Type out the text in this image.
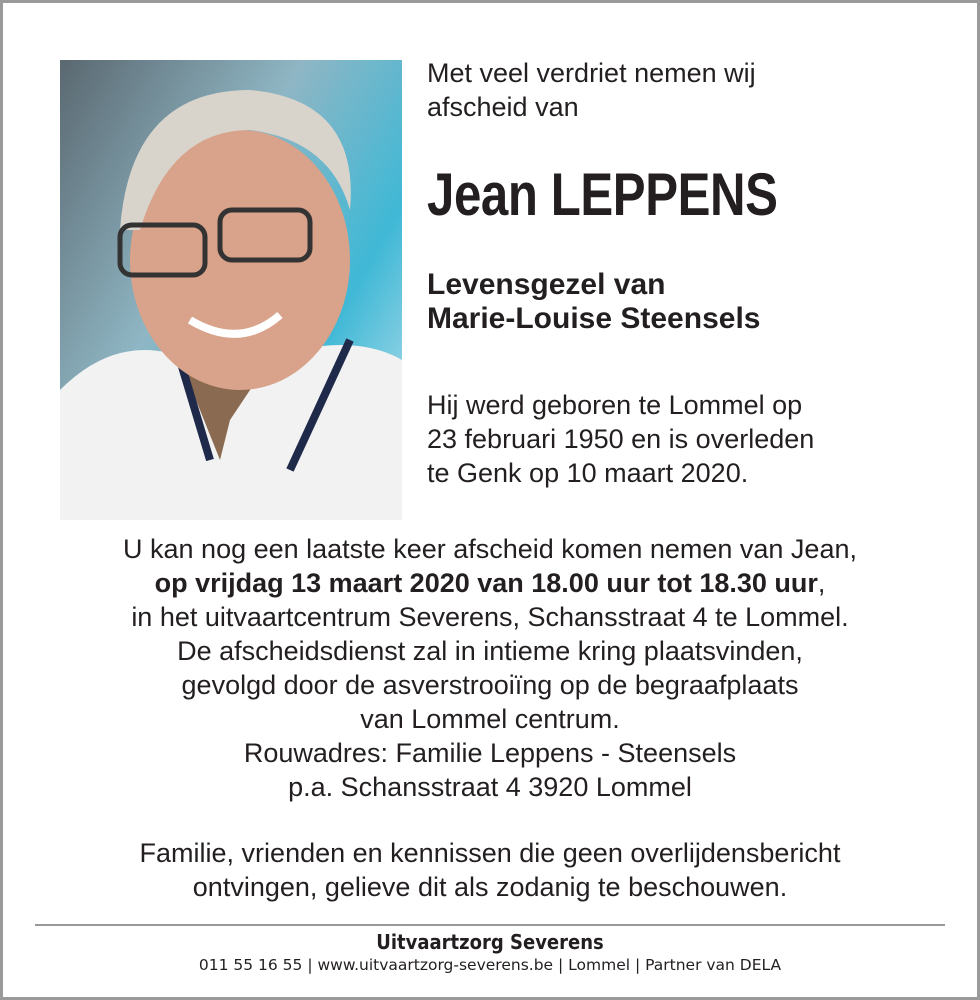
Met veel verdriet nemen wij
afscheid van
Jean LEPPENS
Levensgezel van
Marie-Louise Steensels
Hij werd geboren te Lommel op
23 februari 1950 en is overleden
te Genk op 10 maart 2020.
U kan nog een laatste keer afscheid komen nemen van Jean,
op vrijdag 13 maart 2020 van 18.00 uur tot 18.30 uur,
in het uitvaartcentrum Severens, Schansstraat 4 te Lommel.
De afscheidsdienst zal in intieme kring plaatsvinden,
gevolgd door de asverstrooiïng op de begraafplaats
van Lommel centrum.
Rouwadres: Familie Leppens - Steensels
p.a. Schansstraat 4 3920 Lommel
Familie, vrienden en kennissen die geen overlijdensbericht
ontvingen, gelieve dit als zodanig te beschouwen.
Uitvaartzorg Severens
011 55 16 55 | www.uitvaartzorg-severens.be | Lommel | Partner van DELA
